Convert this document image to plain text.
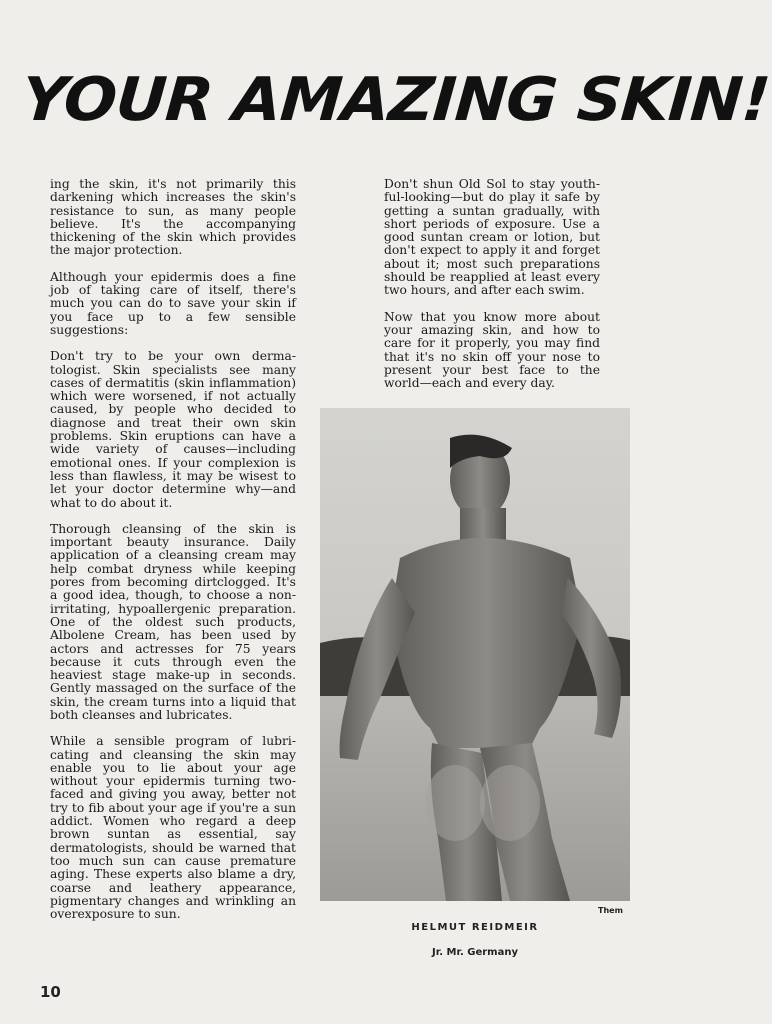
YOUR AMAZING SKIN!

ing the skin, it's not primarily this darkening which increases the skin's resistance to sun, as many people believe. It's the accompanying thickening of the skin which provides the major protection.

Although your epidermis does a fine job of taking care of itself, there's much you can do to save your skin if you face up to a few sensible suggestions:

Don't try to be your own dermatologist. Skin specialists see many cases of dermatitis (skin inflammation) which were worsened, if not actually caused, by people who decided to diagnose and treat their own skin problems. Skin eruptions can have a wide variety of causes—including emotional ones. If your complexion is less than flawless, it may be wisest to let your doctor determine why—and what to do about it.

Thorough cleansing of the skin is important beauty insurance. Daily application of a cleansing cream may help combat dryness while keeping pores from becoming dirtclogged. It's a good idea, though, to choose a non-irritating, hypoallergenic preparation. One of the oldest such products, Albolene Cream, has been used by actors and actresses for 75 years because it cuts through even the heaviest stage make-up in seconds. Gently massaged on the surface of the skin, the cream turns into a liquid that both cleanses and lubricates.

While a sensible program of lubricating and cleansing the skin may enable you to lie about your age without your epidermis turning two-faced and giving you away, better not try to fib about your age if you're a sun addict. Women who regard a deep brown suntan as essential, say dermatologists, should be warned that too much sun can cause premature aging. These experts also blame a dry, coarse and leathery appearance, pigmentary changes and wrinkling an overexposure to sun.

Don't shun Old Sol to stay youthful-looking—but do play it safe by getting a suntan gradually, with short periods of exposure. Use a good suntan cream or lotion, but don't expect to apply it and forget about it; most such preparations should be reapplied at least every two hours, and after each swim.

Now that you know more about your amazing skin, and how to care for it properly, you may find that it's no skin off your nose to present your best face to the world—each and every day.

Them
HELMUT REIDMEIR
Jr. Mr. Germany
10
